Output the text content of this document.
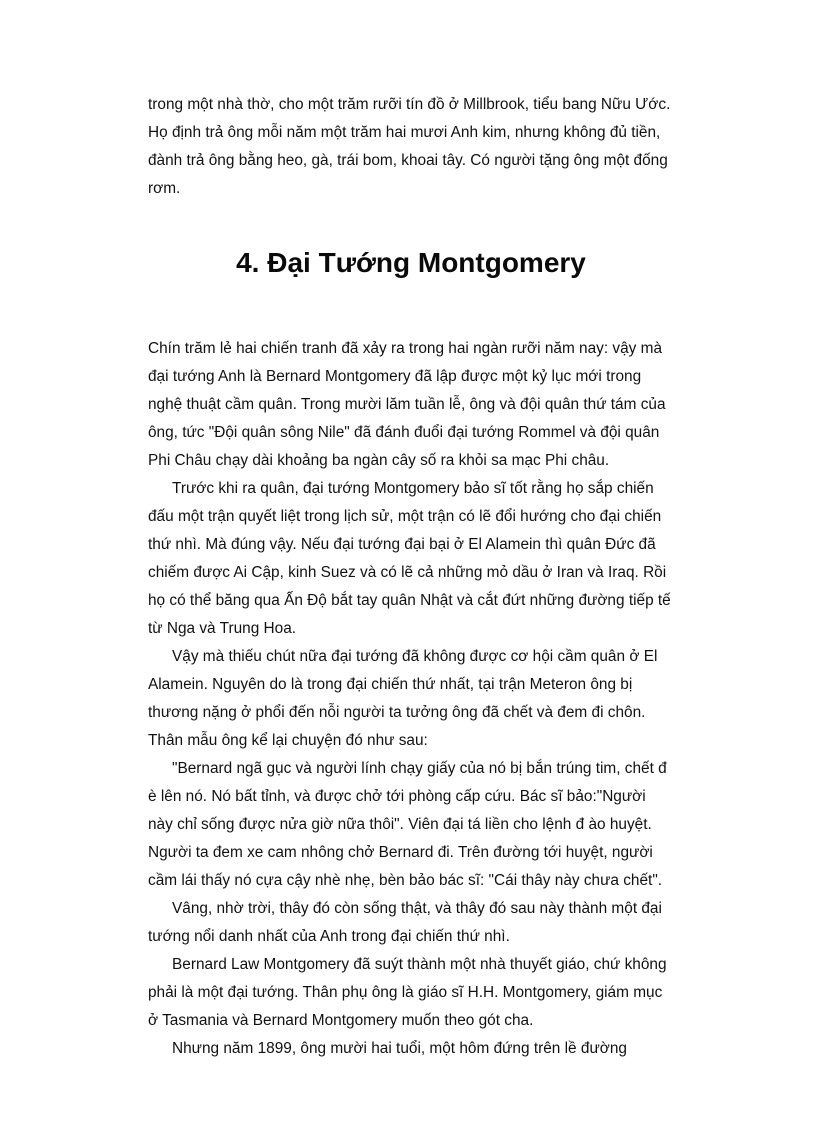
trong một nhà thờ, cho một trăm rưỡi tín đồ ở Millbrook, tiểu bang Nữu Ước. Họ định trả ông mỗi năm một trăm hai mươi Anh kim, nhưng không đủ tiền, đành trả ông bằng heo, gà, trái bom, khoai tây. Có người tặng ông một đống rơm.

4. Đại Tướng Montgomery

Chín trăm lẻ hai chiến tranh đã xảy ra trong hai ngàn rưỡi năm nay: vậy mà đại tướng Anh là Bernard Montgomery đã lập được một kỷ lục mới trong nghệ thuật cầm quân. Trong mười lăm tuần lễ, ông và đội quân thứ tám của ông, tức "Đội quân sông Nile" đã đánh đuổi đại tướng Rommel và đội quân Phi Châu chạy dài khoảng ba ngàn cây số ra khỏi sa mạc Phi châu.

Trước khi ra quân, đại tướng Montgomery bảo sĩ tốt rằng họ sắp chiến đấu một trận quyết liệt trong lịch sử, một trận có lẽ đổi hướng cho đại chiến thứ nhì. Mà đúng vậy. Nếu đại tướng đại bại ở El Alamein thì quân Đức đã chiếm được Ai Cập, kinh Suez và có lẽ cả những mỏ dầu ở Iran và Iraq. Rồi họ có thể băng qua Ấn Độ bắt tay quân Nhật và cắt đứt những đường tiếp tế từ Nga và Trung Hoa.

Vậy mà thiếu chút nữa đại tướng đã không được cơ hội cầm quân ở El Alamein. Nguyên do là trong đại chiến thứ nhất, tại trận Meteron ông bị thương nặng ở phổi đến nỗi người ta tưởng ông đã chết và đem đi chôn. Thân mẫu ông kể lại chuyện đó như sau:

"Bernard ngã gục và người lính chạy giấy của nó bị bắn trúng tim, chết đ è lên nó. Nó bất tỉnh, và được chở tới phòng cấp cứu. Bác sĩ bảo:"Người này chỉ sống được nửa giờ nữa thôi". Viên đại tá liền cho lệnh đ ào huyệt. Người ta đem xe cam nhông chở Bernard đi. Trên đường tới huyệt, người cầm lái thấy nó cựa cậy nhè nhẹ, bèn bảo bác sĩ: "Cái thây này chưa chết".

Vâng, nhờ trời, thây đó còn sống thật, và thây đó sau này thành một đại tướng nổi danh nhất của Anh trong đại chiến thứ nhì.

Bernard Law Montgomery đã suýt thành một nhà thuyết giáo, chứ không phải là một đại tướng. Thân phụ ông là giáo sĩ H.H. Montgomery, giám mục ở Tasmania và Bernard Montgomery muốn theo gót cha.

Nhưng năm 1899, ông mười hai tuổi, một hôm đứng trên lề đường
